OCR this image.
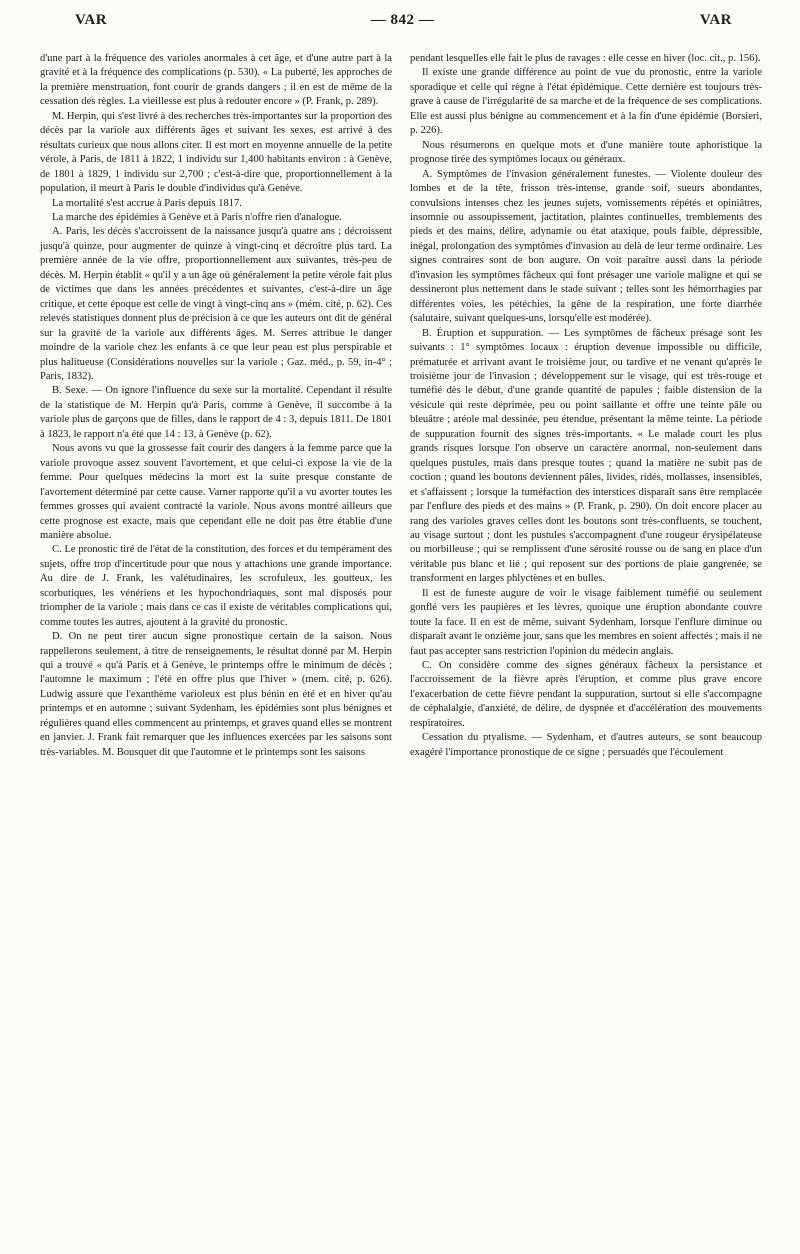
VAR	— 842 —	VAR

d'une part à la fréquence des varioles anormales à cet âge, et d'une autre part à la gravité et à la fréquence des complications (p. 530). « La puberté, les approches de la première menstruation, font courir de grands dangers ; il en est de même de la cessation des règles. La vieillesse est plus à redouter encore » (P. Frank, p. 289).

M. Herpin, qui s'est livré à des recherches très-importantes sur la proportion des décès par la variole aux différents âges et suivant les sexes, est arrivé à des résultats curieux que nous allons citer. Il est mort en moyenne annuelle de la petite vérole, à Paris, de 1811 à 1822, 1 individu sur 1,400 habitants environ : à Genève, de 1801 à 1829, 1 individu sur 2,700 ; c'est-à-dire que, proportionnellement à la population, il meurt à Paris le double d'individus qu'à Genève.

La mortalité s'est accrue à Paris depuis 1817.

La marche des épidémies à Genève et à Paris n'offre rien d'analogue.

A. Paris, les décès s'accroissent de la naissance jusqu'à quatre ans ; décroissent jusqu'à quinze, pour augmenter de quinze à vingt-cinq et décroître plus tard. La première année de la vie offre, proportionnellement aux suivantes, très-peu de décès. M. Herpin établit « qu'il y a un âge où généralement la petite vérole fait plus de victimes que dans les années précédentes et suivantes, c'est-à-dire un âge critique, et cette époque est celle de vingt à vingt-cinq ans » (mém. cité, p. 62). Ces relevés statistiques donnent plus de précision à ce que les auteurs ont dit de général sur la gravité de la variole aux différents âges. M. Serres attribue le danger moindre de la variole chez les enfants à ce que leur peau est plus perspirable et plus halitueuse (Considérations nouvelles sur la variole ; Gaz. méd., p. 59, in-4° ; Paris, 1832).

B. Sexe. — On ignore l'influence du sexe sur la mortalité. Cependant il résulte de la statistique de M. Herpin qu'à Paris, comme à Genève, il succombe à la variole plus de garçons que de filles, dans le rapport de 4 : 3, depuis 1811. De 1801 à 1823, le rapport n'a été que 14 : 13, à Genève (p. 62).

Nous avons vu que la grossesse fait courir des dangers à la femme parce que la variole provoque assez souvent l'avortement, et que celui-ci expose la vie de la femme. Pour quelques médecins la mort est la suite presque constante de l'avortement déterminé par cette cause. Varner rapporte qu'il a vu avorter toutes les femmes grosses qui avaient contracté la variole. Nous avons montré ailleurs que cette prognose est exacte, mais que cependant elle ne doit pas être établie d'une manière absolue.

C. Le pronostic tiré de l'état de la constitution, des forces et du tempérament des sujets, offre trop d'incertitude pour que nous y attachions une grande importance. Au dire de J. Frank, les valétudinaires, les scrofuleux, les goutteux, les scorbutiques, les vénériens et les hypochondriaques, sont mal disposés pour triompher de la variole ; mais dans ce cas il existe de véritables complications qui, comme toutes les autres, ajoutent à la gravité du pronostic.

D. On ne peut tirer aucun signe pronostique certain de la saison. Nous rappellerons seulement, à titre de renseignements, le résultat donné par M. Herpin qui a trouvé « qu'à Paris et à Genève, le printemps offre le minimum de décès ; l'automne le maximum ; l'été en offre plus que l'hiver » (mem. cité, p. 626). Ludwig assure que l'exanthème varioleux est plus bénin en été et en hiver qu'au printemps et en automne ; suivant Sydenham, les épidémies sont plus bénignes et régulières quand elles commencent au printemps, et graves quand elles se montrent en janvier. J. Frank fait remarquer que les influences exercées par les saisons sont très-variables. M. Bousquet dit que l'automne et le printemps sont les saisons

pendant lesquelles elle fait le plus de ravages : elle cesse en hiver (loc. cit., p. 156).

Il existe une grande différence au point de vue du pronostic, entre la variole sporadique et celle qui règne à l'état épidémique. Cette dernière est toujours très-grave à cause de l'irrégularité de sa marche et de la fréquence de ses complications. Elle est aussi plus bénigne au commencement et à la fin d'une épidémie (Borsieri, p. 226).

Nous résumerons en quelque mots et d'une manière toute aphoristique la prognose tirée des symptômes locaux ou généraux.

A. Symptômes de l'invasion généralement funestes. — Violente douleur des lombes et de la tête, frisson très-intense, grande soif, sueurs abondantes, convulsions intenses chez les jeunes sujets, vomissements répétés et opiniâtres, insomnie ou assoupissement, jactitation, plaintes continuelles, tremblements des pieds et des mains, délire, adynamie ou état ataxique, pouls faible, dépressible, inégal, prolongation des symptômes d'invasion au delà de leur terme ordinaire. Les signes contraires sont de bon augure. On voit paraître aussi dans la période d'invasion les symptômes fâcheux qui font présager une variole maligne et qui se dessineront plus nettement dans le stade suivant ; telles sont les hémorrhagies par différentes voies, les pétéchies, la gêne de la respiration, une forte diarrhée (salutaire, suivant quelques-uns, lorsqu'elle est modérée).

B. Éruption et suppuration. — Les symptômes de fâcheux présage sont les suivants : 1° symptômes locaux : éruption devenue impossible ou difficile, prématurée et arrivant avant le troisième jour, ou tardive et ne venant qu'après le troisième jour de l'invasion ; développement sur le visage, qui est très-rouge et tuméfié dès le début, d'une grande quantité de papules ; faible distension de la vésicule qui reste déprimée, peu ou point saillante et offre une teinte pâle ou bleuâtre ; aréole mal dessinée, peu étendue, présentant la même teinte. La période de suppuration fournit des signes très-importants. « Le malade court les plus grands risques lorsque l'on observe un caractère anormal, non-seulement dans quelques pustules, mais dans presque toutes ; quand la matière ne subit pas de coction ; quand les boutons deviennent pâles, livides, ridés, mollasses, insensibles, et s'affaissent ; lorsque la tuméfaction des interstices disparaît sans être remplacée par l'enflure des pieds et des mains » (P. Frank, p. 290). On doit encore placer au rang des varioles graves celles dont les boutons sont très-confluents, se touchent, au visage surtout ; dont les pustules s'accompagnent d'une rougeur érysipélateuse ou morbilleuse ; qui se remplissent d'une sérosité rousse ou de sang en place d'un véritable pus blanc et lié ; qui reposent sur des portions de plaie gangrenée, se transforment en larges phlyctènes et en bulles.

Il est de funeste augure de voir le visage faiblement tuméfié ou seulement gonflé vers les paupières et les lèvres, quoique une éruption abondante couvre toute la face. Il en est de même, suivant Sydenham, lorsque l'enflure diminue ou disparaît avant le onzième jour, sans que les membres en soient affectés ; mais il ne faut pas accepter sans restriction l'opinion du médecin anglais.

C. On considère comme des signes généraux fâcheux la persistance et l'accroissement de la fièvre après l'éruption, et comme plus grave encore l'exacerbation de cette fièvre pendant la suppuration, surtout si elle s'accompagne de céphalalgie, d'anxiété, de délire, de dyspnée et d'accélération des mouvements respiratoires.

Cessation du ptyalisme. — Sydenham, et d'autres auteurs, se sont beaucoup exagéré l'importance pronostique de ce signe ; persuadés que l'écoulement
